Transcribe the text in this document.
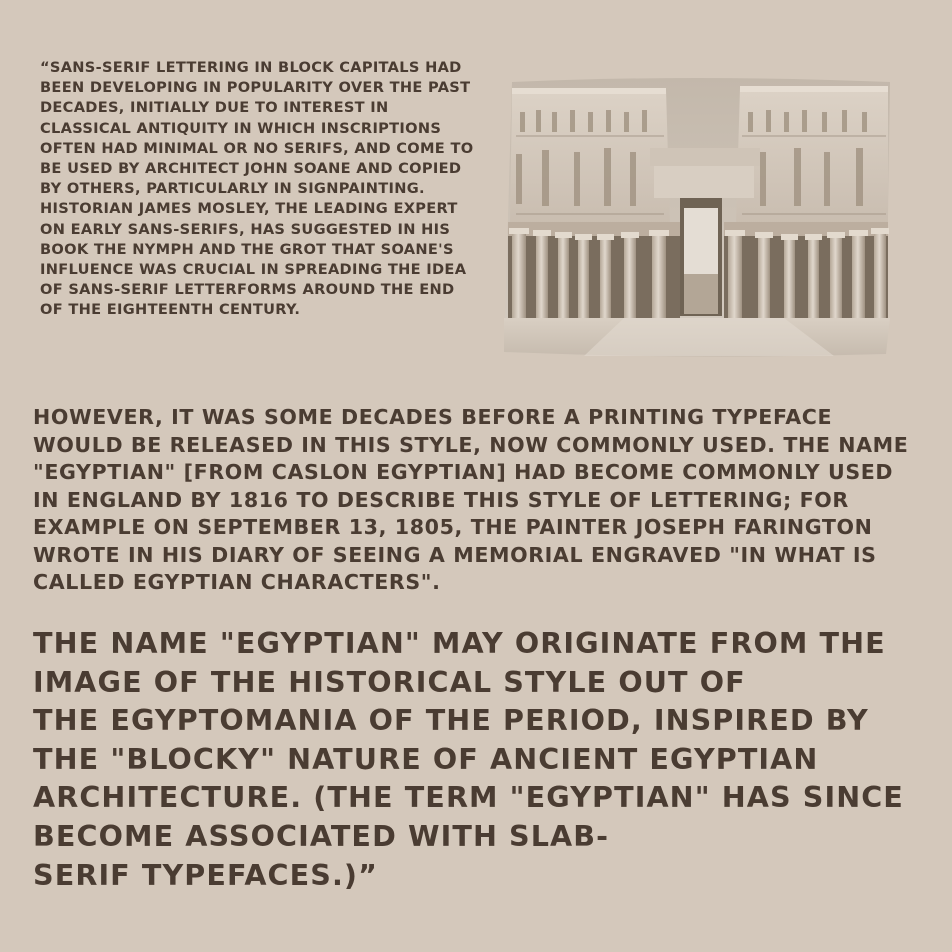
“SANS-SERIF LETTERING IN BLOCK CAPITALS HAD BEEN DEVELOPING IN POPULARITY OVER THE PAST DECADES, INITIALLY DUE TO INTEREST IN CLASSICAL ANTIQUITY IN WHICH INSCRIPTIONS OFTEN HAD MINIMAL OR NO SERIFS, AND COME TO BE USED BY ARCHITECT JOHN SOANE AND COPIED BY OTHERS, PARTICULARLY IN SIGNPAINTING. HISTORIAN JAMES MOSLEY, THE LEADING EXPERT ON EARLY SANS-SERIFS, HAS SUGGESTED IN HIS BOOK THE NYMPH AND THE GROT THAT SOANE'S INFLUENCE WAS CRUCIAL IN SPREADING THE IDEA OF SANS-SERIF LETTERFORMS AROUND THE END OF THE EIGHTEENTH CENTURY.

HOWEVER, IT WAS SOME DECADES BEFORE A PRINTING TYPEFACE WOULD BE RELEASED IN THIS STYLE, NOW COMMONLY USED. THE NAME "EGYPTIAN" [FROM CASLON EGYPTIAN] HAD BECOME COMMONLY USED IN ENGLAND BY 1816 TO DESCRIBE THIS STYLE OF LETTERING; FOR EXAMPLE ON SEPTEMBER 13, 1805, THE PAINTER JOSEPH FARINGTON WROTE IN HIS DIARY OF SEEING A MEMORIAL ENGRAVED "IN WHAT IS CALLED EGYPTIAN CHARACTERS".

THE NAME "EGYPTIAN" MAY ORIGINATE FROM THE
IMAGE OF THE HISTORICAL STYLE OUT OF
THE EGYPTOMANIA OF THE PERIOD, INSPIRED BY
THE "BLOCKY" NATURE OF ANCIENT EGYPTIAN
ARCHITECTURE. (THE TERM "EGYPTIAN" HAS SINCE
BECOME ASSOCIATED WITH SLAB-
SERIF TYPEFACES.)”
